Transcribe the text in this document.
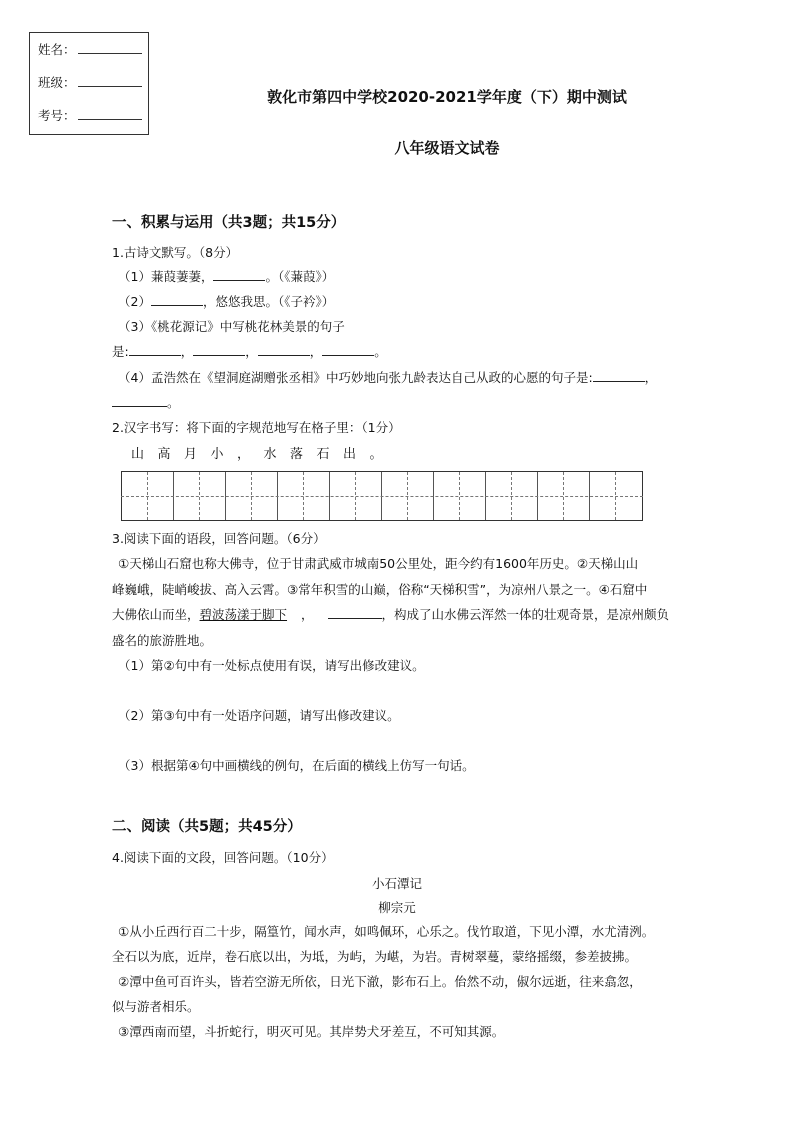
姓名：
班级：
考号：
敦化市第四中学校2020-2021学年度（下）期中测试
八年级语文试卷
一、积累与运用（共3题；共15分）
1.古诗文默写。（8分）
（1）蒹葭萋萋，	。（《蒹葭》）
（2）	，悠悠我思。（《子衿》）
（3）《桃花源记》中写桃花林美景的句子
是:	，	，	，	。
（4）孟浩然在《望洞庭湖赠张丞相》中巧妙地向张九龄表达自己从政的心愿的句子是:	，
。
2.汉字书写：将下面的字规范地写在格子里：（1分）
山 高 月 小 ， 水 落 石 出 。
3.阅读下面的语段，回答问题。（6分）
①天梯山石窟也称大佛寺，位于甘肃武威市城南50公里处，距今约有1600年历史。②天梯山山
峰巍峨，陡峭峻拔、高入云霄。③常年积雪的山巅，俗称“天梯积雪”，为凉州八景之一。④石窟中
大佛依山而坐，碧波荡漾于脚下 ，	，构成了山水佛云浑然一体的壮观奇景，是凉州颇负
盛名的旅游胜地。
（1）第②句中有一处标点使用有误，请写出修改建议。
（2）第③句中有一处语序问题，请写出修改建议。
（3）根据第④句中画横线的例句，在后面的横线上仿写一句话。
二、阅读（共5题；共45分）
4.阅读下面的文段，回答问题。（10分）
小石潭记
柳宗元
①从小丘西行百二十步，隔篁竹，闻水声，如鸣佩环，心乐之。伐竹取道，下见小潭，水尤清洌。
全石以为底，近岸，卷石底以出，为坻，为屿，为嵁，为岩。青树翠蔓，蒙络摇缀，参差披拂。
②潭中鱼可百许头，皆若空游无所依，日光下澈，影布石上。佁然不动，俶尔远逝，往来翕忽，
似与游者相乐。
③潭西南而望，斗折蛇行，明灭可见。其岸势犬牙差互，不可知其源。
